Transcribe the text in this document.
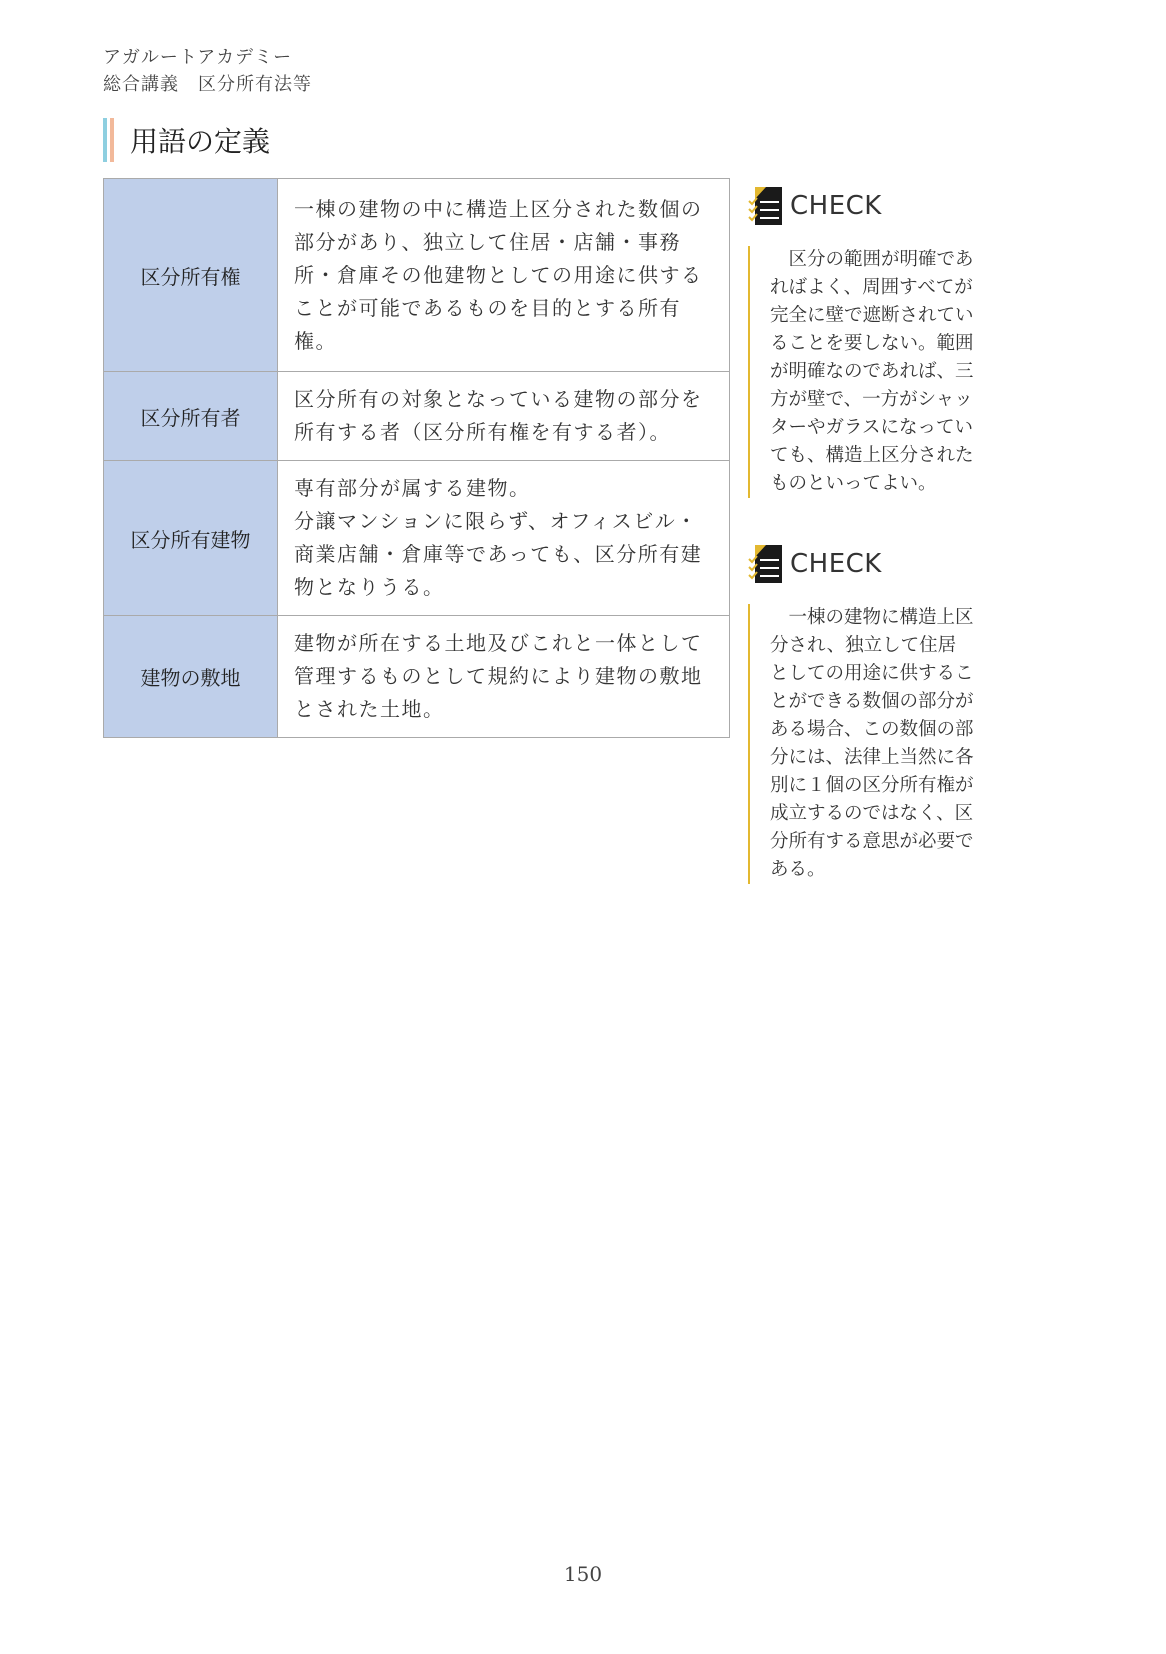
アガルートアカデミー
総合講義　区分所有法等
用語の定義
区分所有権	一棟の建物の中に構造上区分された数個の部分があり、独立して住居・店舗・事務所・倉庫その他建物としての用途に供することが可能であるものを目的とする所有権。
区分所有者	区分所有の対象となっている建物の部分を所有する者（区分所有権を有する者）。
区分所有建物	専有部分が属する建物。
分譲マンションに限らず、オフィスビル・商業店舗・倉庫等であっても、区分所有建物となりうる。
建物の敷地	建物が所在する土地及びこれと一体として管理するものとして規約により建物の敷地とされた土地。
CHECK
区分の範囲が明確であればよく、周囲すべてが完全に壁で遮断されていることを要しない。範囲が明確なのであれば、三方が壁で、一方がシャッターやガラスになっていても、構造上区分されたものといってよい。
CHECK
一棟の建物に構造上区分され、独立して住居としての用途に供することができる数個の部分がある場合、この数個の部分には、法律上当然に各別に１個の区分所有権が成立するのではなく、区分所有する意思が必要である。
150
